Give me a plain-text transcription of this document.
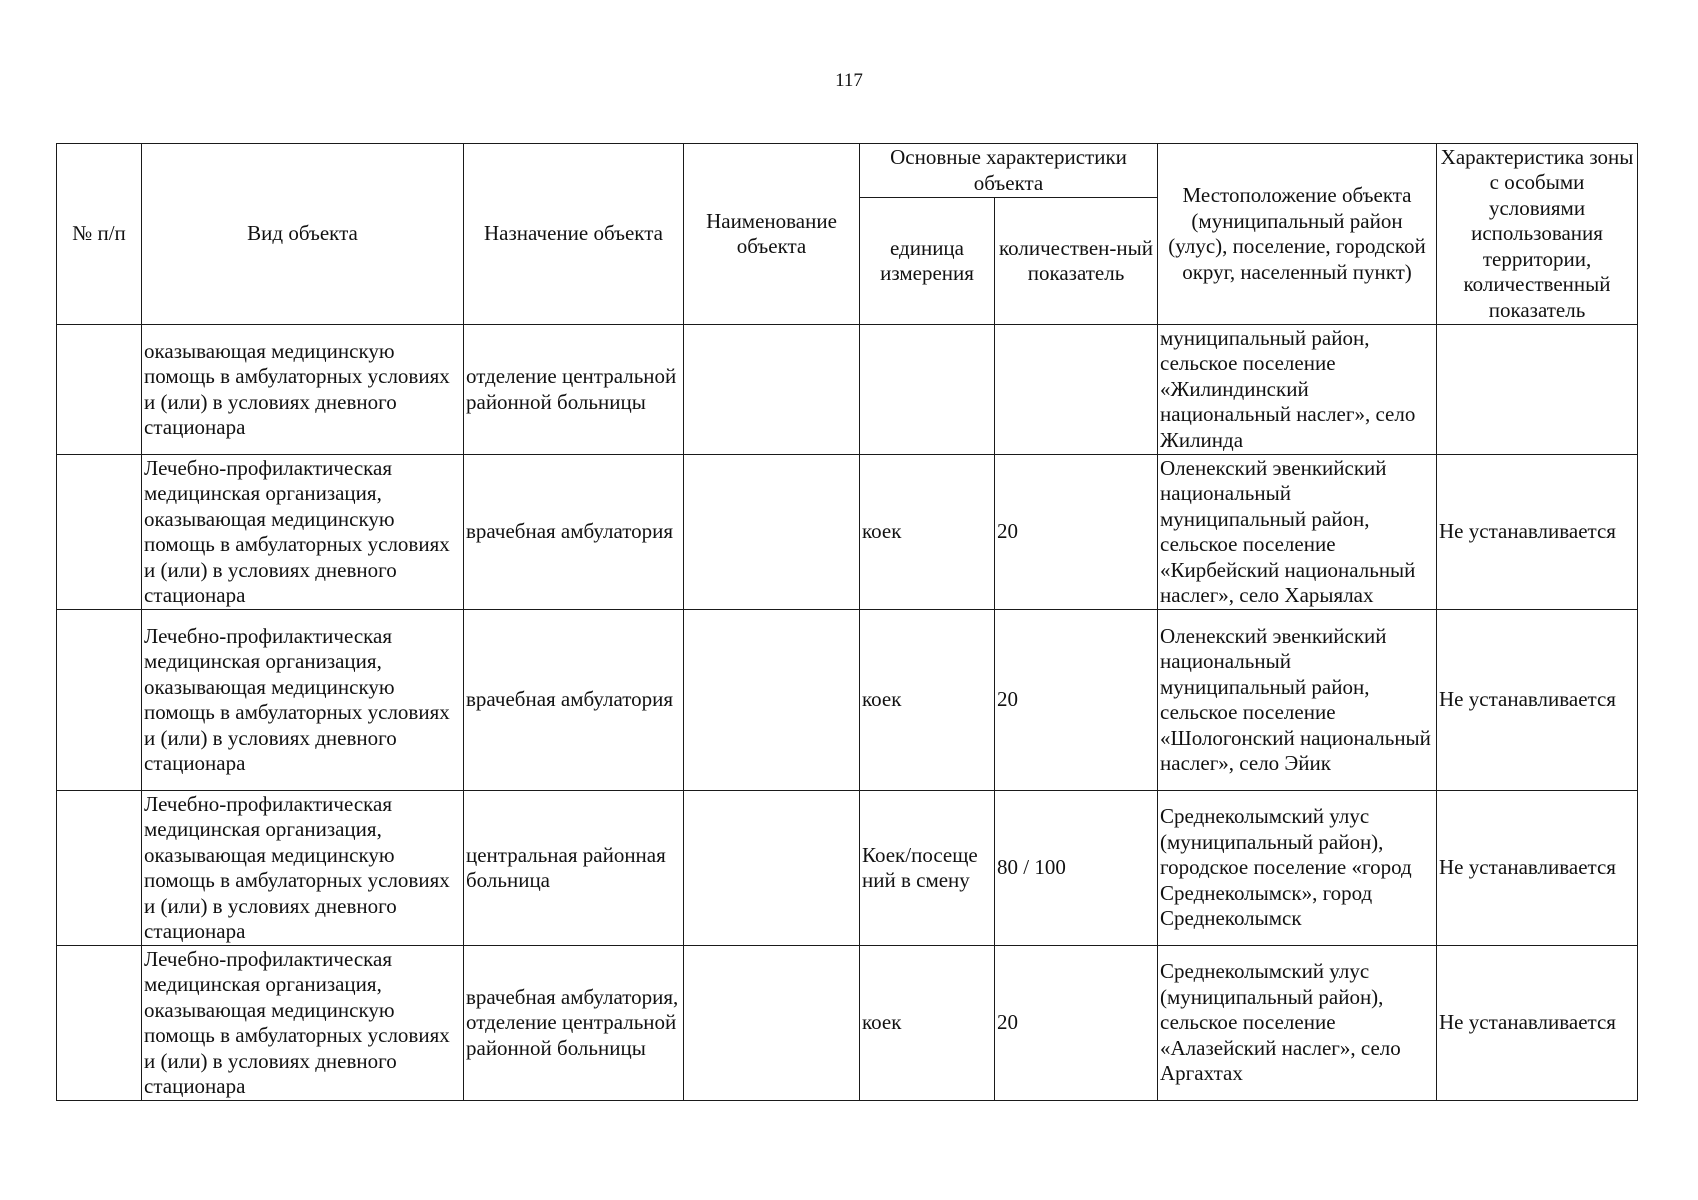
117
№ п/п	Вид объекта	Назначение объекта	Наименование объекта	Основные характеристики объекта		Местоположение объекта (муниципальный район (улус), поселение, городской округ, населенный пункт)	Характеристика зоны с особыми условиями использования территории, количественный показатель
				единица измерения	количествен-ный показатель		
	оказывающая медицинскую помощь в амбулаторных условиях и (или) в условиях дневного стационара	отделение центральной районной больницы				муниципальный район, сельское поселение «Жилиндинский национальный наслег», село Жилинда	
	Лечебно-профилактическая медицинская организация, оказывающая медицинскую помощь в амбулаторных условиях и (или) в условиях дневного стационара	врачебная амбулатория		коек	20	Оленекский эвенкийский национальный муниципальный район, сельское поселение «Кирбейский национальный наслег», село Харыялах	Не устанавливается
	Лечебно-профилактическая медицинская организация, оказывающая медицинскую помощь в амбулаторных условиях и (или) в условиях дневного стационара	врачебная амбулатория		коек	20	Оленекский эвенкийский национальный муниципальный район, сельское поселение «Шологонский национальный наслег», село Эйик	Не устанавливается
	Лечебно-профилактическая медицинская организация, оказывающая медицинскую помощь в амбулаторных условиях и (или) в условиях дневного стационара	центральная районная больница		Коек/посеще ний в смену	80 / 100	Среднеколымский улус (муниципальный район), городское поселение «город Среднеколымск», город Среднеколымск	Не устанавливается
	Лечебно-профилактическая медицинская организация, оказывающая медицинскую помощь в амбулаторных условиях и (или) в условиях дневного стационара	врачебная амбулатория, отделение центральной районной больницы		коек	20	Среднеколымский улус (муниципальный район), сельское поселение «Алазейский наслег», село Аргахтах	Не устанавливается
